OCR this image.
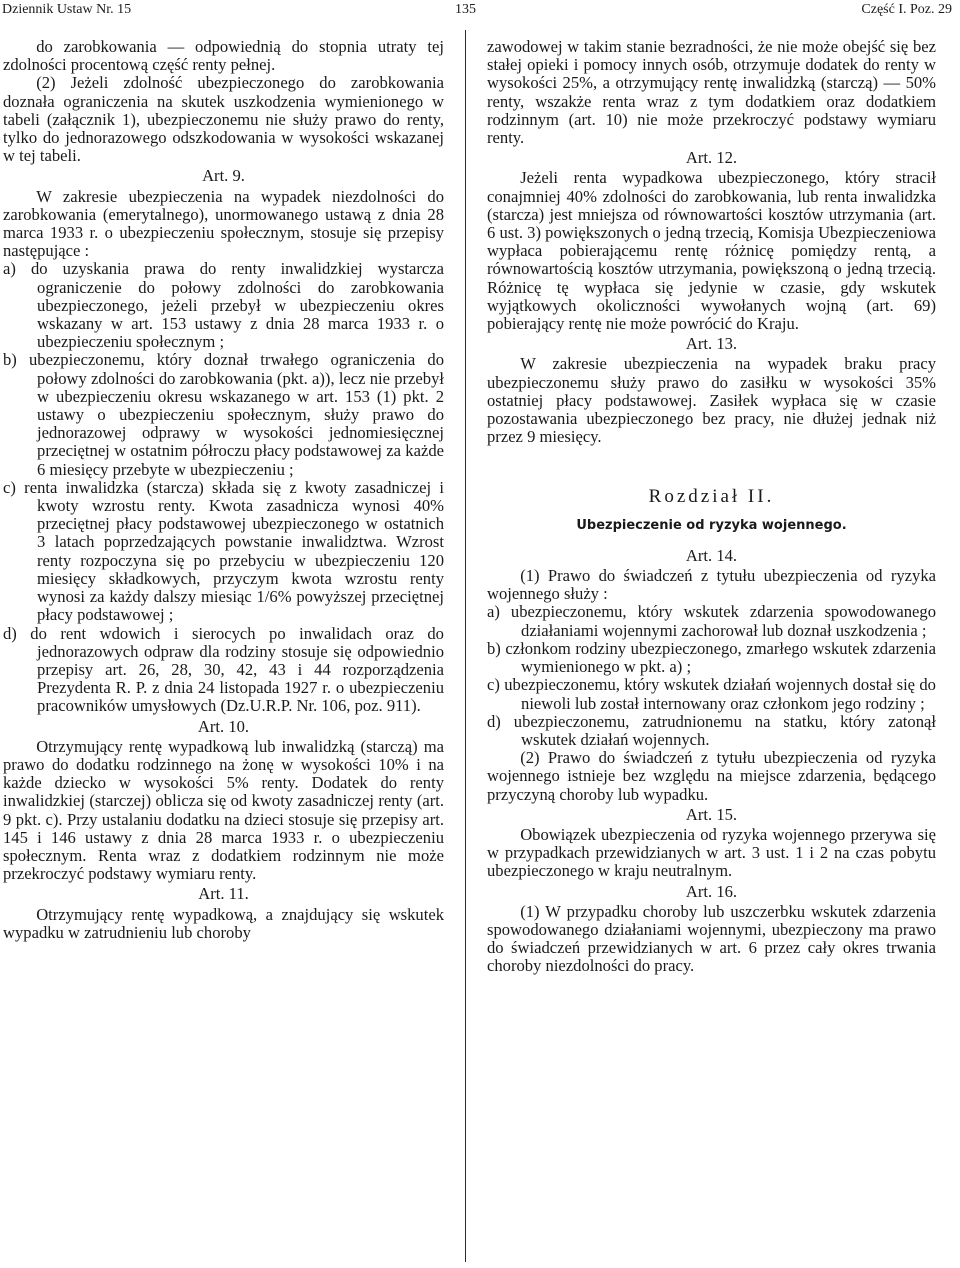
Dziennik Ustaw Nr. 15	135	Część I. Poz. 29

do zarobkowania — odpowiednią do stopnia utraty tej zdolności procentową część renty pełnej.

(2) Jeżeli zdolność ubezpieczonego do zarobkowania doznała ograniczenia na skutek uszkodzenia wymienionego w tabeli (załącznik 1), ubezpieczonemu nie służy prawo do renty, tylko do jednorazowego odszkodowania w wysokości wskazanej w tej tabeli.

Art. 9.

W zakresie ubezpieczenia na wypadek niezdolności do zarobkowania (emerytalnego), unormowanego ustawą z dnia 28 marca 1933 r. o ubezpieczeniu społecznym, stosuje się przepisy następujące :

a) do uzyskania prawa do renty inwalidzkiej wystarcza ograniczenie do połowy zdolności do zarobkowania ubezpieczonego, jeżeli przebył w ubezpieczeniu okres wskazany w art. 153 ustawy z dnia 28 marca 1933 r. o ubezpieczeniu społecznym ;

b) ubezpieczonemu, który doznał trwałego ograniczenia do połowy zdolności do zarobkowania (pkt. a)), lecz nie przebył w ubezpieczeniu okresu wskazanego w art. 153 (1) pkt. 2 ustawy o ubezpieczeniu społecznym, służy prawo do jednorazowej odprawy w wysokości jednomiesięcznej przeciętnej w ostatnim półroczu płacy podstawowej za każde 6 miesięcy przebyte w ubezpieczeniu ;

c) renta inwalidzka (starcza) składa się z kwoty zasadniczej i kwoty wzrostu renty. Kwota zasadnicza wynosi 40% przeciętnej płacy podstawowej ubezpieczonego w ostatnich 3 latach poprzedzających powstanie inwalidztwa. Wzrost renty rozpoczyna się po przebyciu w ubezpieczeniu 120 miesięcy składkowych, przyczym kwota wzrostu renty wynosi za każdy dalszy miesiąc 1/6% powyższej przeciętnej płacy podstawowej ;

d) do rent wdowich i sierocych po inwalidach oraz do jednorazowych odpraw dla rodziny stosuje się odpowiednio przepisy art. 26, 28, 30, 42, 43 i 44 rozporządzenia Prezydenta R. P. z dnia 24 listopada 1927 r. o ubezpieczeniu pracowników umysłowych (Dz.U.R.P. Nr. 106, poz. 911).

Art. 10.

Otrzymujący rentę wypadkową lub inwalidzką (starczą) ma prawo do dodatku rodzinnego na żonę w wysokości 10% i na każde dziecko w wysokości 5% renty. Dodatek do renty inwalidzkiej (starczej) oblicza się od kwoty zasadniczej renty (art. 9 pkt. c). Przy ustalaniu dodatku na dzieci stosuje się przepisy art. 145 i 146 ustawy z dnia 28 marca 1933 r. o ubezpieczeniu społecznym. Renta wraz z dodatkiem rodzinnym nie może przekroczyć podstawy wymiaru renty.

Art. 11.

Otrzymujący rentę wypadkową, a znajdujący się wskutek wypadku w zatrudnieniu lub choroby

zawodowej w takim stanie bezradności, że nie może obejść się bez stałej opieki i pomocy innych osób, otrzymuje dodatek do renty w wysokości 25%, a otrzymujący rentę inwalidzką (starczą) — 50% renty, wszakże renta wraz z tym dodatkiem oraz dodatkiem rodzinnym (art. 10) nie może przekroczyć podstawy wymiaru renty.

Art. 12.

Jeżeli renta wypadkowa ubezpieczonego, który stracił conajmniej 40% zdolności do zarobkowania, lub renta inwalidzka (starcza) jest mniejsza od równowartości kosztów utrzymania (art. 6 ust. 3) powiększonych o jedną trzecią, Komisja Ubezpieczeniowa wypłaca pobierającemu rentę różnicę pomiędzy rentą, a równowartością kosztów utrzymania, powiększoną o jedną trzecią. Różnicę tę wypłaca się jedynie w czasie, gdy wskutek wyjątkowych okoliczności wywołanych wojną (art. 69) pobierający rentę nie może powrócić do Kraju.

Art. 13.

W zakresie ubezpieczenia na wypadek braku pracy ubezpieczonemu służy prawo do zasiłku w wysokości 35% ostatniej płacy podstawowej. Zasiłek wypłaca się w czasie pozostawania ubezpieczonego bez pracy, nie dłużej jednak niż przez 9 miesięcy.

Rozdział II.

Ubezpieczenie od ryzyka wojennego.

Art. 14.

(1) Prawo do świadczeń z tytułu ubezpieczenia od ryzyka wojennego służy :

a) ubezpieczonemu, który wskutek zdarzenia spowodowanego działaniami wojennymi zachorował lub doznał uszkodzenia ;

b) członkom rodziny ubezpieczonego, zmarłego wskutek zdarzenia wymienionego w pkt. a) ;

c) ubezpieczonemu, który wskutek działań wojennych dostał się do niewoli lub został internowany oraz członkom jego rodziny ;

d) ubezpieczonemu, zatrudnionemu na statku, który zatonął wskutek działań wojennych.

(2) Prawo do świadczeń z tytułu ubezpieczenia od ryzyka wojennego istnieje bez względu na miejsce zdarzenia, będącego przyczyną choroby lub wypadku.

Art. 15.

Obowiązek ubezpieczenia od ryzyka wojennego przerywa się w przypadkach przewidzianych w art. 3 ust. 1 i 2 na czas pobytu ubezpieczonego w kraju neutralnym.

Art. 16.

(1) W przypadku choroby lub uszczerbku wskutek zdarzenia spowodowanego działaniami wojennymi, ubezpieczony ma prawo do świadczeń przewidzianych w art. 6 przez cały okres trwania choroby niezdolności do pracy.
